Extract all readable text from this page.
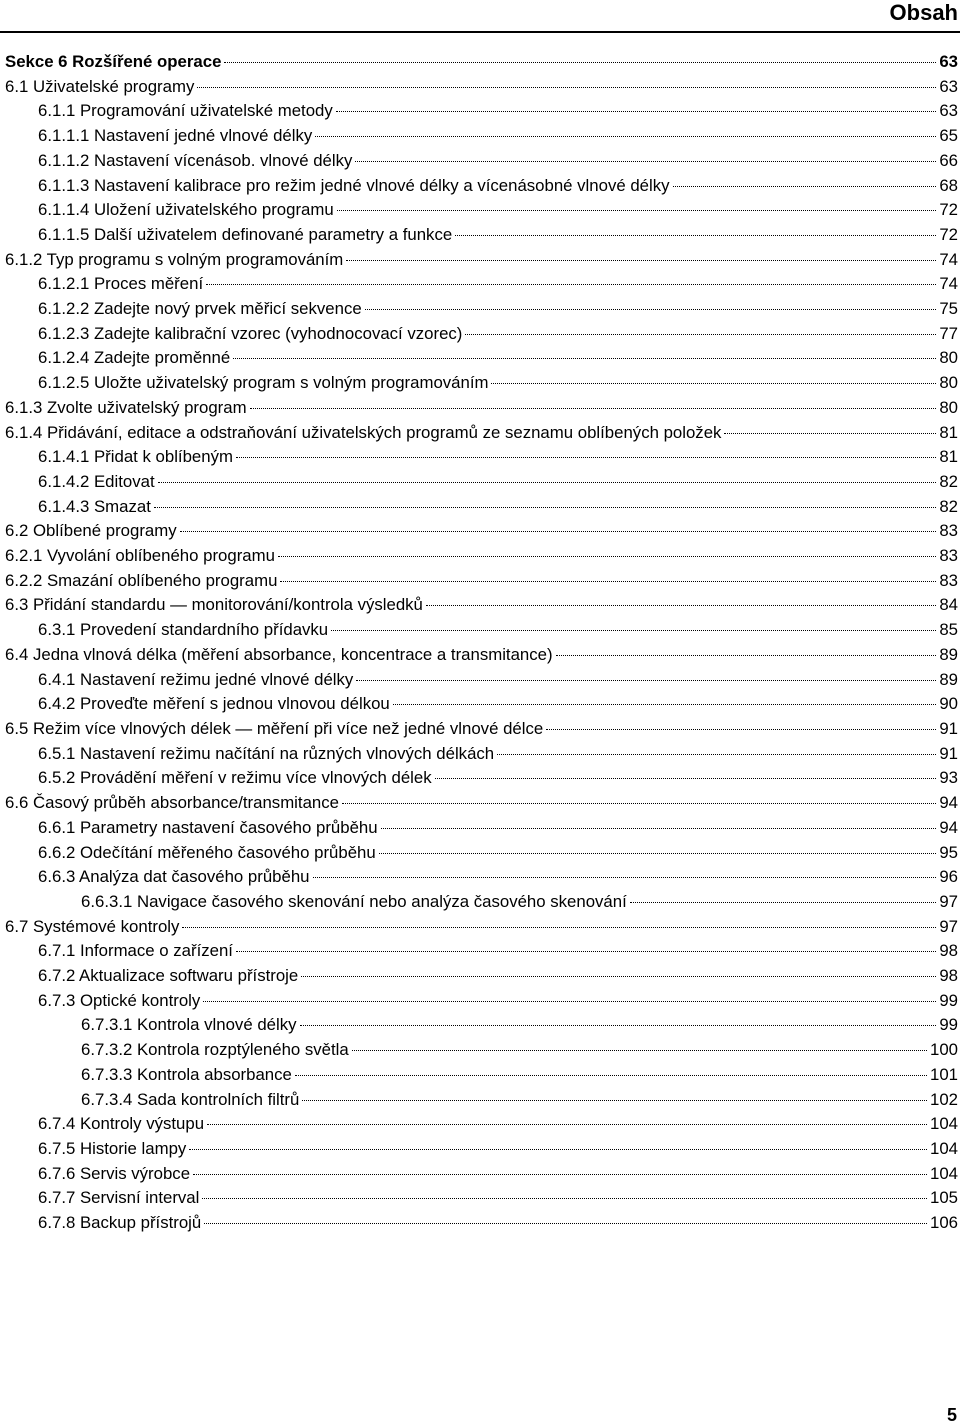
Obsah
Sekce 6 Rozšířené operace	63
6.1 Uživatelské programy	63
6.1.1 Programování uživatelské metody	63
6.1.1.1 Nastavení jedné vlnové délky	65
6.1.1.2 Nastavení vícenásob. vlnové délky	66
6.1.1.3 Nastavení kalibrace pro režim jedné vlnové délky a vícenásobné vlnové délky	68
6.1.1.4 Uložení uživatelského programu	72
6.1.1.5 Další uživatelem definované parametry a funkce	72
6.1.2 Typ programu s volným programováním	74
6.1.2.1 Proces měření	74
6.1.2.2 Zadejte nový prvek měřicí sekvence	75
6.1.2.3 Zadejte kalibrační vzorec (vyhodnocovací vzorec)	77
6.1.2.4 Zadejte proměnné	80
6.1.2.5 Uložte uživatelský program s volným programováním	80
6.1.3 Zvolte uživatelský program	80
6.1.4 Přidávání, editace a odstraňování uživatelských programů ze seznamu oblíbených položek	81
6.1.4.1 Přidat k oblíbeným	81
6.1.4.2 Editovat	82
6.1.4.3 Smazat	82
6.2 Oblíbené programy	83
6.2.1 Vyvolání oblíbeného programu	83
6.2.2 Smazání oblíbeného programu	83
6.3 Přidání standardu — monitorování/kontrola výsledků	84
6.3.1 Provedení standardního přídavku	85
6.4 Jedna vlnová délka (měření absorbance, koncentrace a transmitance)	89
6.4.1 Nastavení režimu jedné vlnové délky	89
6.4.2 Proveďte měření s jednou vlnovou délkou	90
6.5 Režim více vlnových délek — měření při více než jedné vlnové délce	91
6.5.1 Nastavení režimu načítání na různých vlnových délkách	91
6.5.2 Provádění měření v režimu více vlnových délek	93
6.6 Časový průběh absorbance/transmitance	94
6.6.1 Parametry nastavení časového průběhu	94
6.6.2 Odečítání měřeného časového průběhu	95
6.6.3 Analýza dat časového průběhu	96
6.6.3.1 Navigace časového skenování nebo analýza časového skenování	97
6.7 Systémové kontroly	97
6.7.1 Informace o zařízení	98
6.7.2 Aktualizace softwaru přístroje	98
6.7.3 Optické kontroly	99
6.7.3.1 Kontrola vlnové délky	99
6.7.3.2 Kontrola rozptýleného světla	100
6.7.3.3 Kontrola absorbance	101
6.7.3.4 Sada kontrolních filtrů	102
6.7.4 Kontroly výstupu	104
6.7.5 Historie lampy	104
6.7.6 Servis výrobce	104
6.7.7 Servisní interval	105
6.7.8 Backup přístrojů	106
5
